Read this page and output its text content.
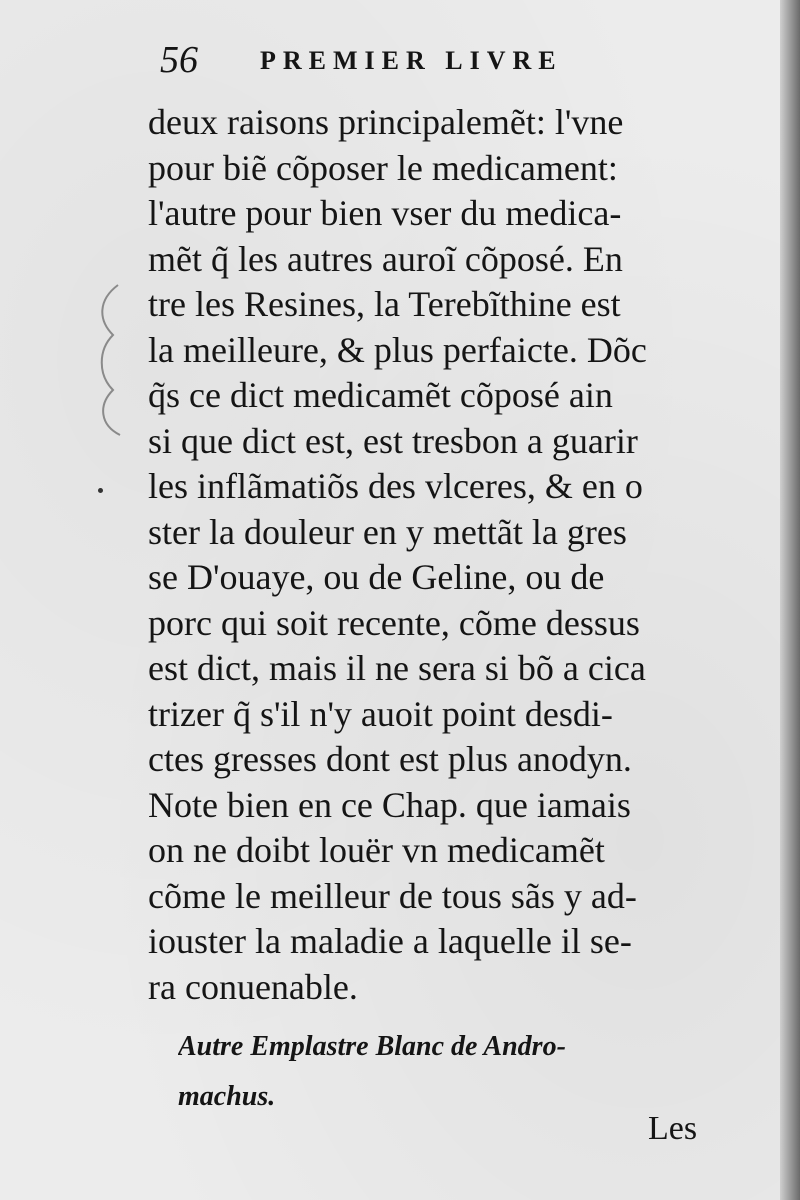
56 PREMIER LIVRE
deux raisons principalemẽt: l'vne
pour biẽ cõposer le medicament:
l'autre pour bien vser du medica-
mẽt q̃ les autres auroĩ cõposé. En
tre les Resines, la Terebĩthine est
la meilleure, & plus perfaicte. Dõc
q̃s ce dict medicamẽt cõposé ain
si que dict est, est tresbon a guarir
les inflãmatiõs des vlceres, & en o
ster la douleur en y mettãt la gres
se D'ouaye, ou de Geline, ou de
porc qui soit recente, cõme dessus
est dict, mais il ne sera si bõ a cica
trizer q̃ s'il n'y auoit point desdi-
ctes gresses dont est plus anodyn.
Note bien en ce Chap. que iamais
on ne doibt louër vn medicamẽt
cõme le meilleur de tous sãs y ad-
iouster la maladie a laquelle il se-
ra conuenable.
Autre Emplastre Blanc de Andro-
machus.
Les
